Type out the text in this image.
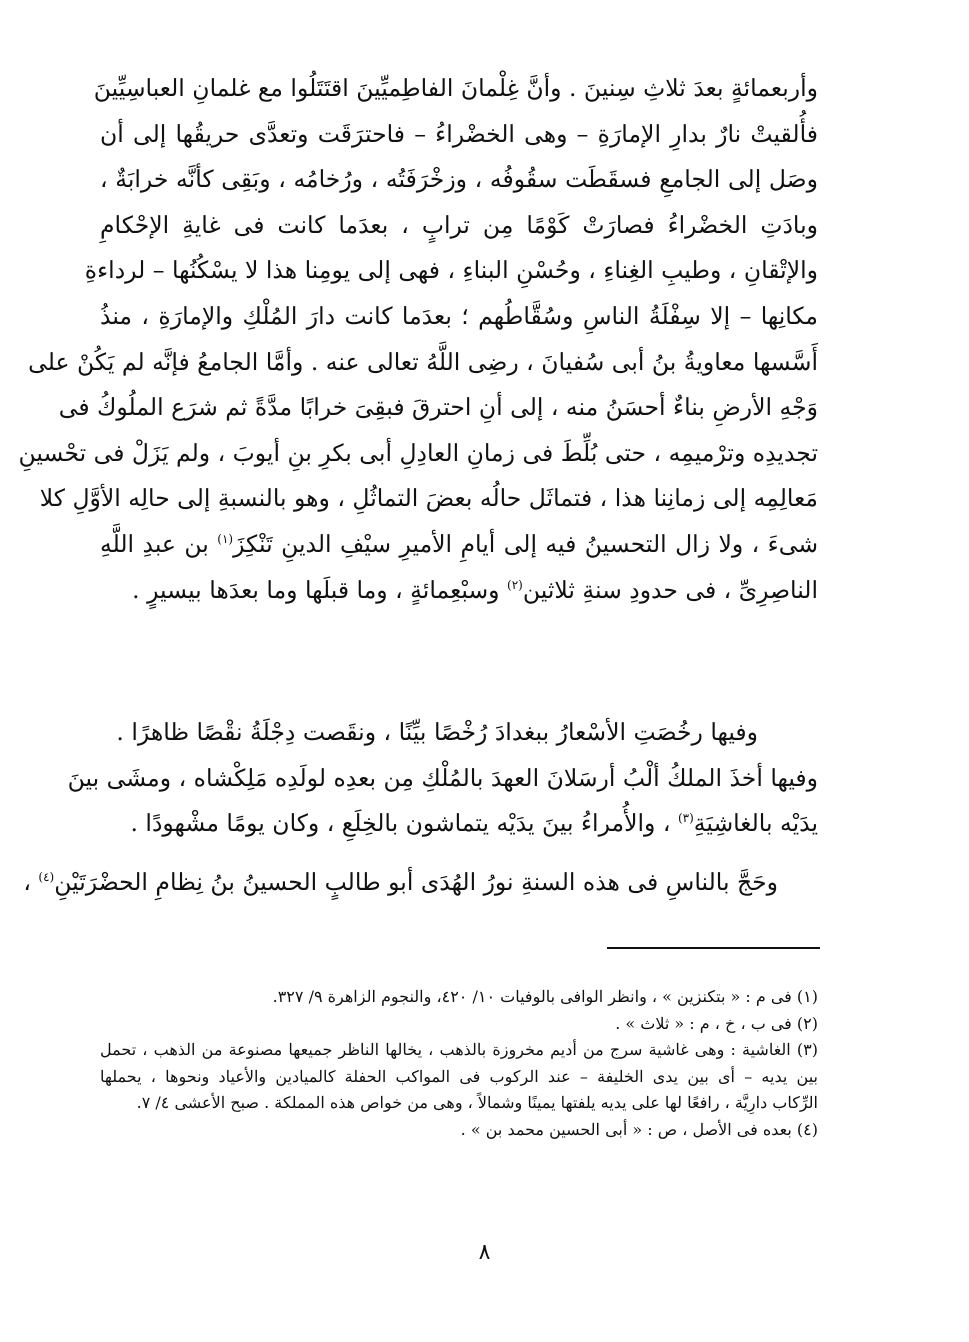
وأربعمائةٍ بعدَ ثلاثِ سِنينَ . وأنَّ غِلْمانَ الفاطِميِّينَ اقتَتَلُوا مع غلمانِ العباسِيِّينَ
فأُلقيتْ نارٌ بدارِ الإمارَةِ – وهى الخضْراءُ – فاحترَقَت وتعدَّى حريقُها إلى أن
وصَل إلى الجامعِ فسقَطَت سقُوفُه ، وزخْرَفَتُه ، ورُخامُه ، وبَقِى كأنَّه خرابَةٌ ،
وبادَتِ الخضْراءُ فصارَتْ كَوْمًا مِن ترابٍ ، بعدَما كانت فى غايةِ الإحْكامِ
والإتْقانِ ، وطيبِ الغِناءِ ، وحُسْنِ البناءِ ، فهى إلى يومِنا هذا لا يسْكُنُها – لرداءةِ
مكانِها – إلا سِفْلَةُ الناسِ وسُقَّاطُهم ؛ بعدَما كانت دارَ المُلْكِ والإمارَةِ ، منذُ
أَسَّسها معاويةُ بنُ أبى سُفيانَ ، رضِى اللَّهُ تعالى عنه . وأمَّا الجامعُ فإنَّه لم يَكُنْ على
وَجْهِ الأرضِ بناءٌ أحسَنُ منه ، إلى أنِ احترقَ فبقِىَ خرابًا مدَّةً ثم شرَع الملُوكُ فى
تجديدِه وترْميمِه ، حتى بُلِّطَ فى زمانِ العادِلِ أبى بكرِ بنِ أيوبَ ، ولم يَزَلْ فى تحْسينِ
مَعالِمِه إلى زمانِنا هذا ، فتماثَل حالُه بعضَ التماثُلِ ، وهو بالنسبةِ إلى حالِه الأوَّلِ كلا
شىءَ ، ولا زال التحسينُ فيه إلى أيامِ الأميرِ سيْفِ الدينِ تَنْكِزَ$^{(١)}$ بن عبدِ اللَّهِ
الناصِرِىِّ ، فى حدودِ سنةِ ثلاثين$^{(٢)}$ وسبْعِمائةٍ ، وما قبلَها وما بعدَها بيسيرٍ .
وفيها رخُصَتِ الأسْعارُ ببغدادَ رُخْصًا بيِّنًا ، ونقَصت دِجْلَةُ نقْصًا ظاهرًا .
وفيها أخذَ الملكُ ألْبُ أرسَلانَ العهدَ بالمُلْكِ مِن بعدِه لولَدِه مَلِكْشاه ، ومشَى بينَ
يدَيْه بالغاشِيَةِ$^{(٣)}$ ، والأُمراءُ بينَ يدَيْه يتماشون بالخِلَعِ ، وكان يومًا مشْهودًا .
وحَجَّ بالناسِ فى هذه السنةِ نورُ الهُدَى أبو طالبٍ الحسينُ بنُ نِظامِ الحضْرَتَيْنِ$^{(٤)}$ ،
(١) فى م : « بتكنزين » ، وانظر الوافى بالوفيات ١٠/ ٤٢٠، والنجوم الزاهرة ٩/ ٣٢٧.
(٢) فى ب ، خ ، م : « ثلاث » .
(٣) الغاشية : وهى غاشية سرج من أديم مخروزة بالذهب ، يخالها الناظر جميعها مصنوعة من الذهب ، تحمل
بين يديه – أى بين يدى الخليفة – عند الركوب فى المواكب الحفلة كالميادين والأعياد ونحوها ، يحملها
الرِّكاب دارِيَّة ، رافعًا لها على يديه يلفتها يمينًا وشمالاً ، وهى من خواص هذه المملكة . صبح الأعشى ٤/ ٧.
(٤) بعده فى الأصل ، ص : « أبى الحسين محمد بن » .
٨
